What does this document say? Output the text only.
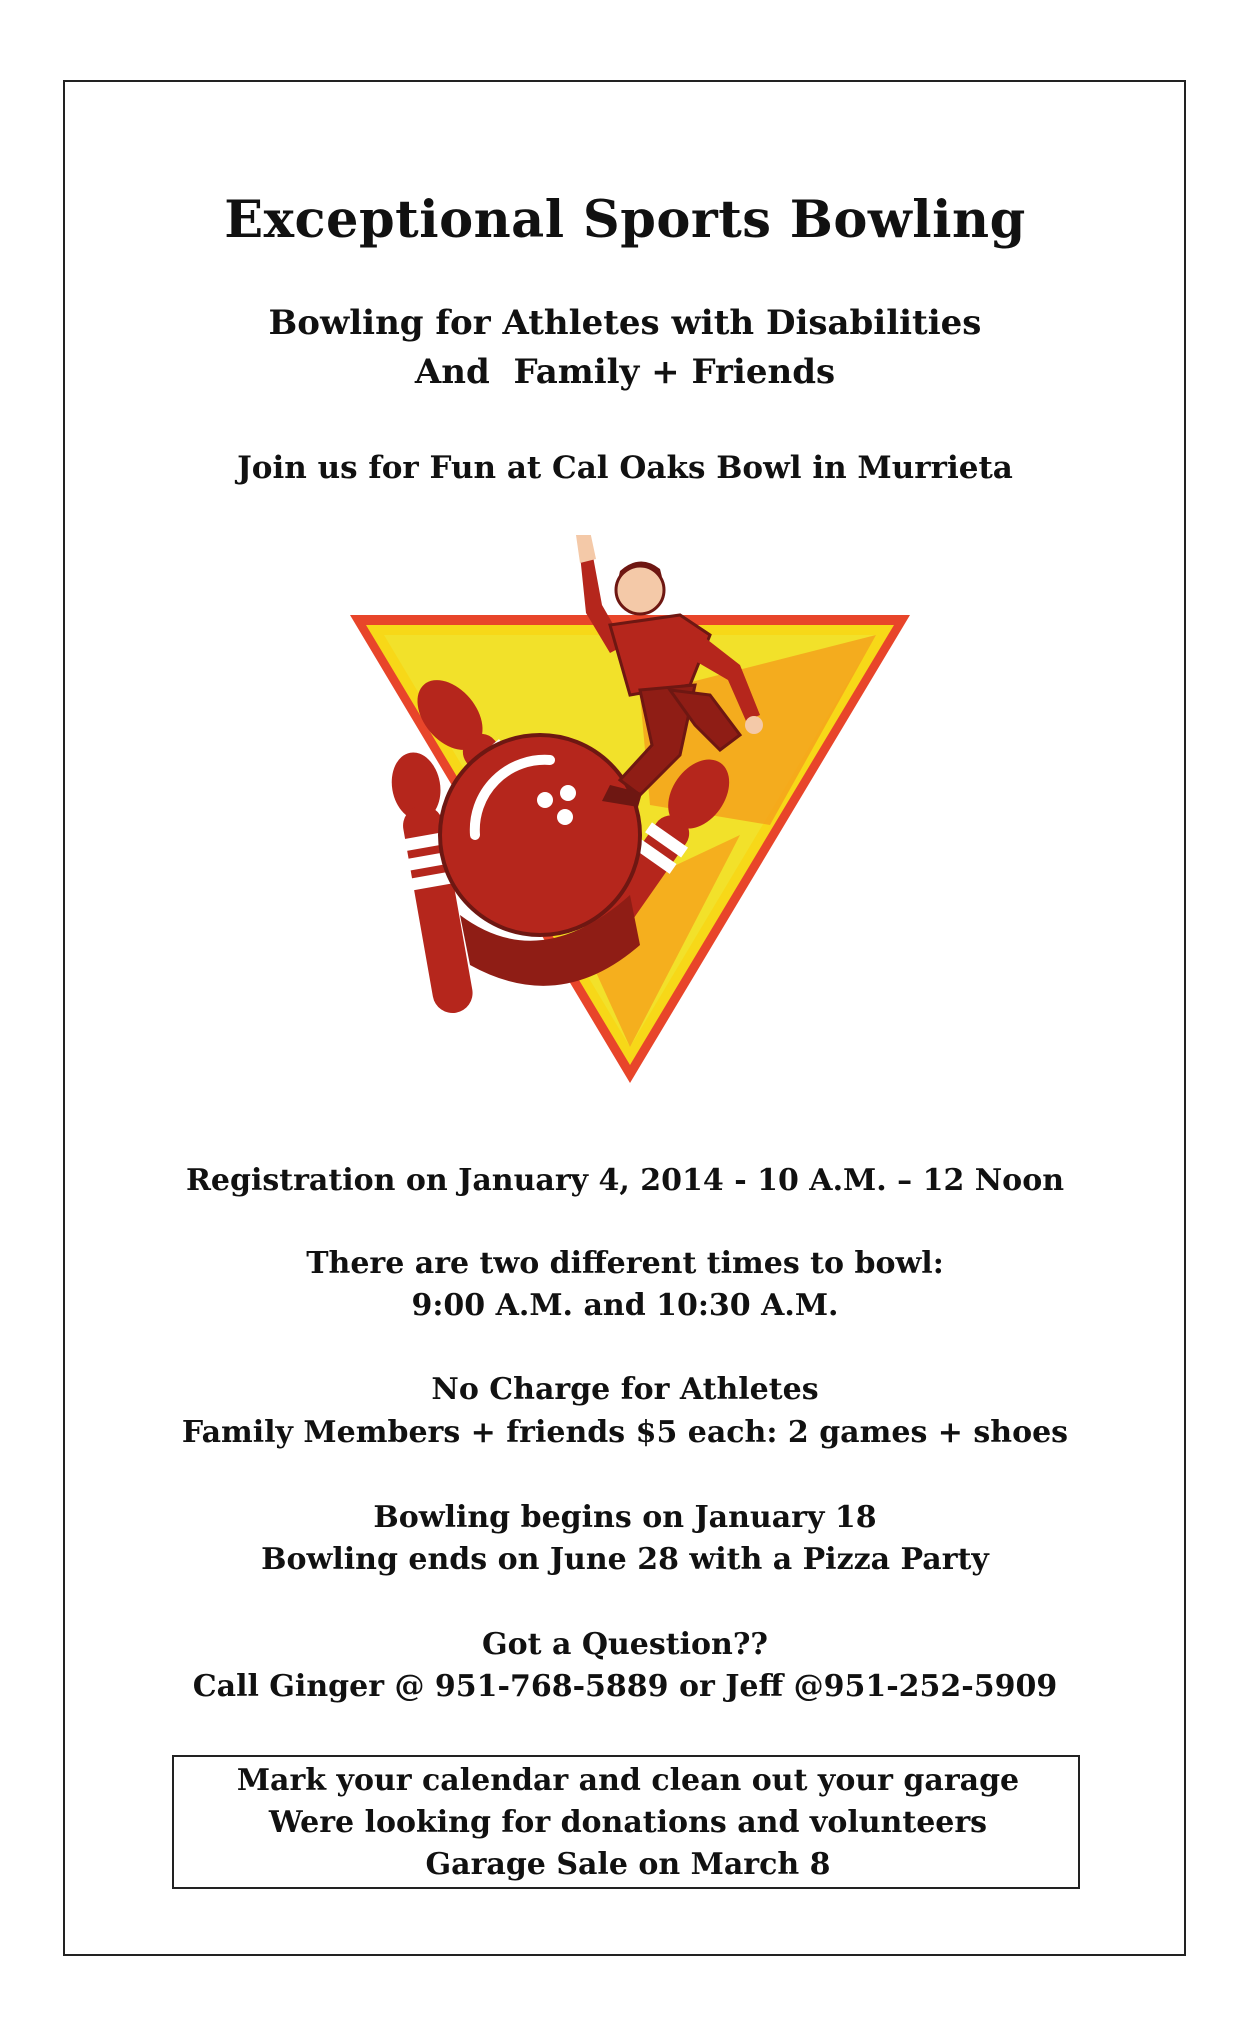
Exceptional Sports Bowling
Bowling for Athletes with Disabilities
And  Family + Friends
Join us for Fun at Cal Oaks Bowl in Murrieta
Registration on January 4, 2014 - 10 A.M. – 12 Noon
There are two different times to bowl:
9:00 A.M. and 10:30 A.M.
No Charge for Athletes
Family Members + friends $5 each: 2 games + shoes
Bowling begins on January 18
Bowling ends on June 28 with a Pizza Party
Got a Question??
Call Ginger @ 951-768-5889 or Jeff @951-252-5909
Mark your calendar and clean out your garage
Were looking for donations and volunteers
Garage Sale on March 8
